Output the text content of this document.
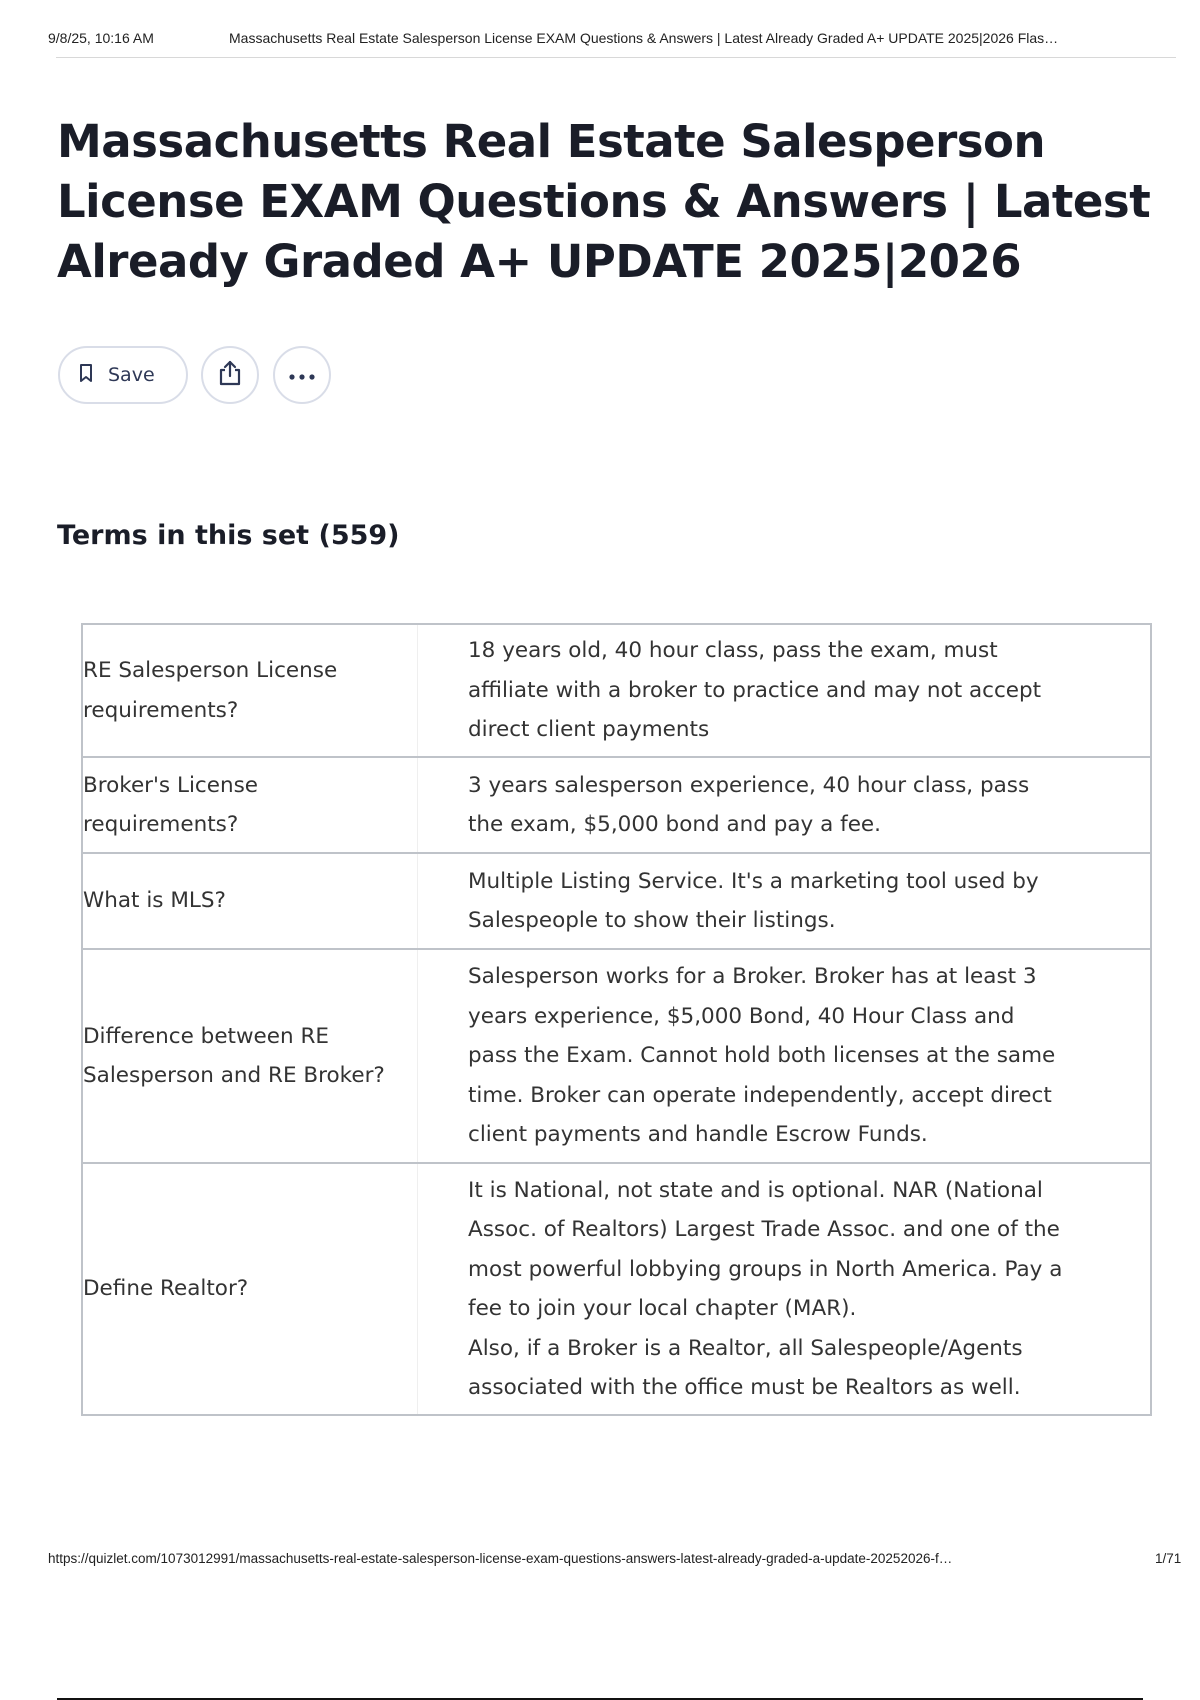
9/8/25, 10:16 AM	Massachusetts Real Estate Salesperson License EXAM Questions & Answers | Latest Already Graded A+ UPDATE 2025|2026 Flas…
Massachusetts Real Estate Salesperson License EXAM Questions & Answers | Latest Already Graded A+ UPDATE 2025|2026
Save
Terms in this set (559)
RE Salesperson License requirements?	18 years old, 40 hour class, pass the exam, must affiliate with a broker to practice and may not accept direct client payments

Broker's License requirements?	3 years salesperson experience, 40 hour class, pass the exam, $5,000 bond and pay a fee.

What is MLS?	Multiple Listing Service. It's a marketing tool used by Salespeople to show their listings.

Difference between RE Salesperson and RE Broker?	Salesperson works for a Broker. Broker has at least 3 years experience, $5,000 Bond, 40 Hour Class and pass the Exam. Cannot hold both licenses at the same time. Broker can operate independently, accept direct client payments and handle Escrow Funds.

Define Realtor?	It is National, not state and is optional. NAR (National Assoc. of Realtors) Largest Trade Assoc. and one of the most powerful lobbying groups in North America. Pay a fee to join your local chapter (MAR).
Also, if a Broker is a Realtor, all Salespeople/Agents associated with the office must be Realtors as well.
https://quizlet.com/1073012991/massachusetts-real-estate-salesperson-license-exam-questions-answers-latest-already-graded-a-update-20252026-f…	1/71
